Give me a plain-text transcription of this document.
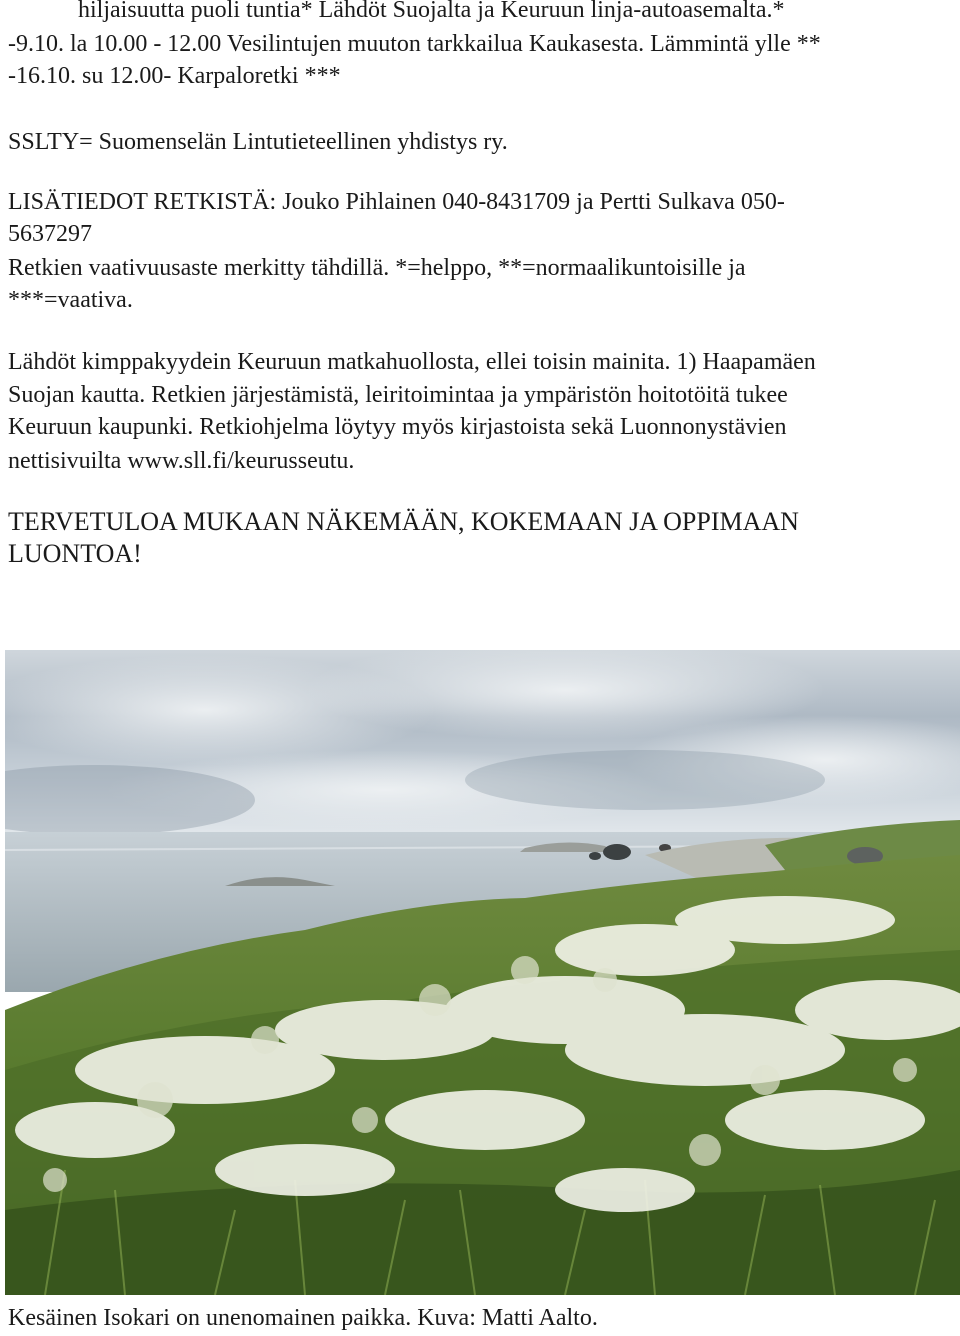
hiljaisuutta puoli tuntia* Lähdöt Suojalta ja Keuruun linja-autoasemalta.*
-9.10. la 10.00 - 12.00 Vesilintujen muuton tarkkailua Kaukasesta. Lämmintä ylle **
-16.10. su 12.00- Karpaloretki ***
SSLTY= Suomenselän Lintutieteellinen yhdistys ry.
LISÄTIEDOT RETKISTÄ: Jouko Pihlainen 040-8431709 ja Pertti Sulkava 050-
5637297
Retkien vaativuusaste merkitty tähdillä. *=helppo, **=normaalikuntoisille ja
***=vaativa.
Lähdöt kimppakyydein Keuruun matkahuollosta, ellei toisin mainita. 1) Haapamäen
Suojan kautta. Retkien järjestämistä, leiritoimintaa ja ympäristön hoitotöitä tukee
Keuruun kaupunki. Retkiohjelma löytyy myös kirjastoista sekä Luonnonystävien
nettisivuilta www.sll.fi/keurusseutu.
TERVETULOA MUKAAN NÄKEMÄÄN, KOKEMAAN JA OPPIMAAN
LUONTOA!
Kesäinen Isokari on unenomainen paikka. Kuva: Matti Aalto.
